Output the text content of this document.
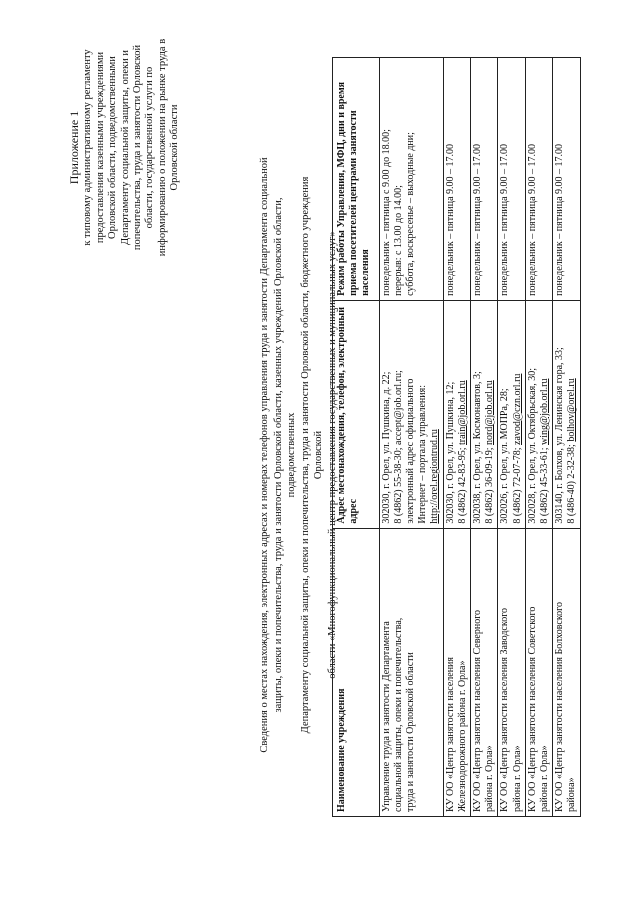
Приложение 1 к типовому административному регламенту предоставления казенными учреждениями Орловской области, подведомственными Департаменту социальной защиты, опеки и попечительства, труда и занятости Орловской области, государственной услуги по информированию о положении на рынке труда в Орловской области
Сведения о местах нахождения, электронных адресах и номерах телефонов управления труда и занятости Департамента социальной защиты, опеки и попечительства, труда и занятости Орловской области, казенных учреждений Орловской области, подведомственных Департаменту социальной защиты, опеки и попечительства, труда и занятости Орловской области, бюджетного учреждения Орловской области «Многофункциональный центр предоставления государственных и муниципальных услуг»
Наименование учреждения	Адрес местонахождения, телефон, электронный адрес	Режим работы Управления, МФЦ, дни и время приема посетителей центрами занятости населения

Управление труда и занятости Департамента социальной защиты, опеки и попечительства, труда и занятости Орловской области	302030, г. Орел, ул. Пушкина, д. 22; 8 (4862) 55-38-30; accept@job.orl.ru; электронный адрес официального Интернет – портала управления: http://orel.regiontrud.ru	понедельник – пятница с 9.00 до 18.00; перерыв: с 13.00 до 14.00; суббота, воскресенье – выходные дни;

КУ ОО «Центр занятости населения Железнодорожного района г. Орла»	302030, г. Орел, ул. Пушкина, 12; 8 (4862) 42-83-95; train@job.orl.ru	понедельник – пятница 9.00 – 17.00

КУ ОО «Центр занятости населения Северного района г. Орла»	302038, г. Орел, ул. Космонавтов, 3; 8 (4862) 36-09-19; nord@job.orl.ru	понедельник – пятница 9.00 – 17.00

КУ ОО «Центр занятости населения Заводского района г. Орла»	302026, г. Орел, ул. МОПРа, 28; 8 (4862) 72-07-78; zavod@czn.orl.ru	понедельник – пятница 9.00 – 17.00

КУ ОО «Центр занятости населения Советского района г. Орла»	302028, г. Орел, ул. Октябрьская, 30; 8 (4862) 45-33-61; wing@job.orl.ru	понедельник – пятница 9.00 – 17.00

КУ ОО «Центр занятости населения Болховского района»	303140, г. Болхов, ул. Ленинская гора, 33; 8 (486-40) 2-32-38; bolhov@orel.ru	понедельник – пятница 9.00 – 17.00
